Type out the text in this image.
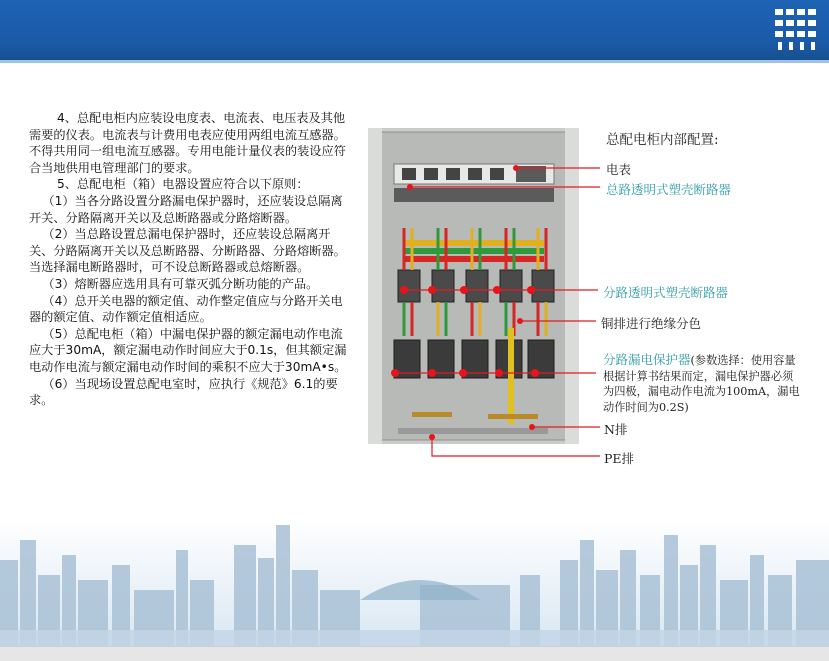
4、总配电柜内应装设电度表、电流表、电压表及其他需要的仪表。电流表与计费用电表应使用两组电流互感器。不得共用同一组电流互感器。专用电能计量仪表的装设应符合当地供用电管理部门的要求。

5、总配电柜（箱）电器设置应符合以下原则：

（1）当各分路设置分路漏电保护器时，还应装设总隔离开关、分路隔离开关以及总断路器或分路熔断器。

（2）当总路设置总漏电保护器时，还应装设总隔离开关、分路隔离开关以及总断路器、分断路器、分路熔断器。当选择漏电断路器时，可不设总断路器或总熔断器。

（3）熔断器应选用具有可靠灭弧分断功能的产品。

（4）总开关电器的额定值、动作整定值应与分路开关电器的额定值、动作额定值相适应。

（5）总配电柜（箱）中漏电保护器的额定漏电动作电流应大于30mA，额定漏电动作时间应大于0.1s，但其额定漏电动作电流与额定漏电动作时间的乘积不应大于30mA•s。

（6）当现场设置总配电室时，应执行《规范》6.1的要求。

总配电柜内部配置:
电表
总路透明式塑壳断路器
分路透明式塑壳断路器
铜排进行绝缘分色
分路漏电保护器(参数选择：使用容量根据计算书结果而定，漏电保护器必须为四极，漏电动作电流为100mA，漏电动作时间为0.2S)
N排
PE排
